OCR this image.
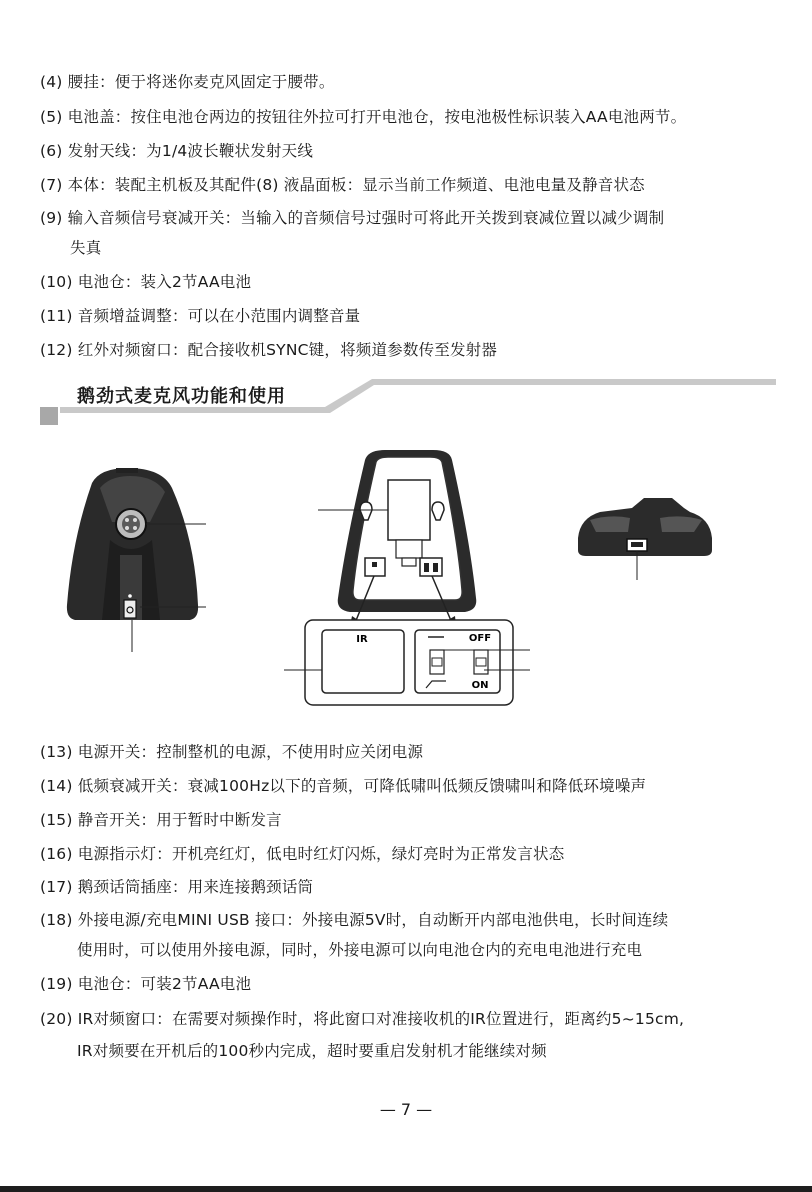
(4) 腰挂：便于将迷你麦克风固定于腰带。
(5) 电池盖：按住电池仓两边的按钮往外拉可打开电池仓，按电池极性标识装入AA电池两节。
(6) 发射天线：为1/4波长鞭状发射天线
(7) 本体：装配主机板及其配件(8) 液晶面板：显示当前工作频道、电池电量及静音状态
(9) 输入音频信号衰减开关：当输入的音频信号过强时可将此开关拨到衰减位置以减少调制
失真
(10) 电池仓：装入2节AA电池
(11) 音频增益调整：可以在小范围内调整音量
(12) 红外对频窗口：配合接收机SYNC键，将频道参数传至发射器
鹅劲式麦克风功能和使用
IR	OFF
ON
(13) 电源开关：控制整机的电源，不使用时应关闭电源
(14) 低频衰减开关：衰减100Hz以下的音频，可降低啸叫低频反馈啸叫和降低环境噪声
(15) 静音开关：用于暂时中断发言
(16) 电源指示灯：开机亮红灯，低电时红灯闪烁，绿灯亮时为正常发言状态
(17) 鹅颈话筒插座：用来连接鹅颈话筒
(18) 外接电源/充电MINI USB 接口：外接电源5V时，自动断开内部电池供电，长时间连续
使用时，可以使用外接电源，同时，外接电源可以向电池仓内的充电电池进行充电
(19) 电池仓：可装2节AA电池
(20) IR对频窗口：在需要对频操作时，将此窗口对准接收机的IR位置进行，距离约5~15cm,
IR对频要在开机后的100秒内完成，超时要重启发射机才能继续对频
— 7 —
